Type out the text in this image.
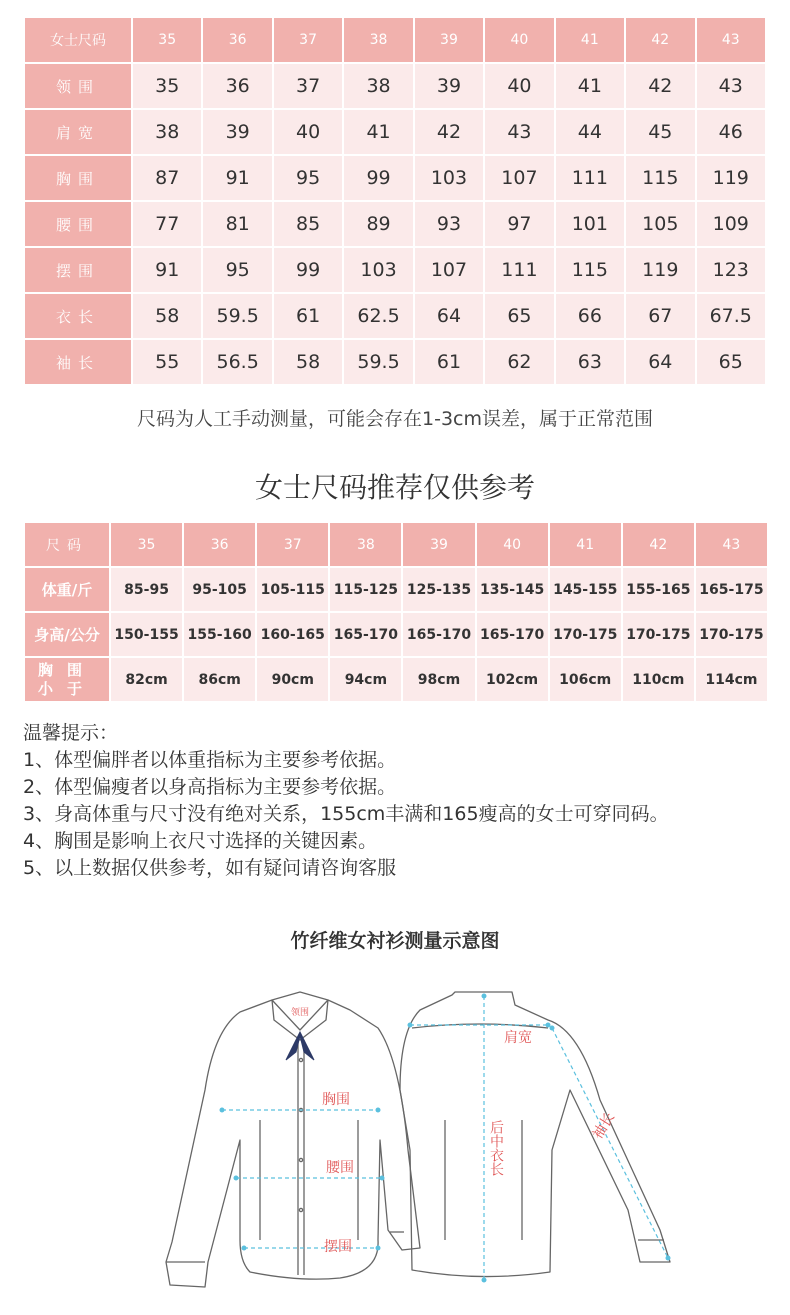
女士尺码	35	36	37	38	39	40	41	42	43
领围	35	36	37	38	39	40	41	42	43
肩宽	38	39	40	41	42	43	44	45	46
胸围	87	91	95	99	103	107	111	115	119
腰围	77	81	85	89	93	97	101	105	109
摆围	91	95	99	103	107	111	115	119	123
衣长	58	59.5	61	62.5	64	65	66	67	67.5
袖长	55	56.5	58	59.5	61	62	63	64	65
尺码为人工手动测量，可能会存在1-3cm误差，属于正常范围
女士尺码推荐仅供参考
尺码	35	36	37	38	39	40	41	42	43
体重/斤	85-95	95-105	105-115	115-125	125-135	135-145	145-155	155-165	165-175
身高/公分	150-155	155-160	160-165	165-170	165-170	165-170	170-175	170-175	170-175

胸围
小于	82cm	86cm	90cm	94cm	98cm	102cm	106cm	110cm	114cm
温馨提示：
1、体型偏胖者以体重指标为主要参考依据。
2、体型偏瘦者以身高指标为主要参考依据。
3、身高体重与尺寸没有绝对关系，155cm丰满和165瘦高的女士可穿同码。
4、胸围是影响上衣尺寸选择的关键因素。
5、以上数据仅供参考，如有疑问请咨询客服
竹纤维女衬衫测量示意图
领围
胸围
腰围
摆围
肩宽
后中衣长	袖长
